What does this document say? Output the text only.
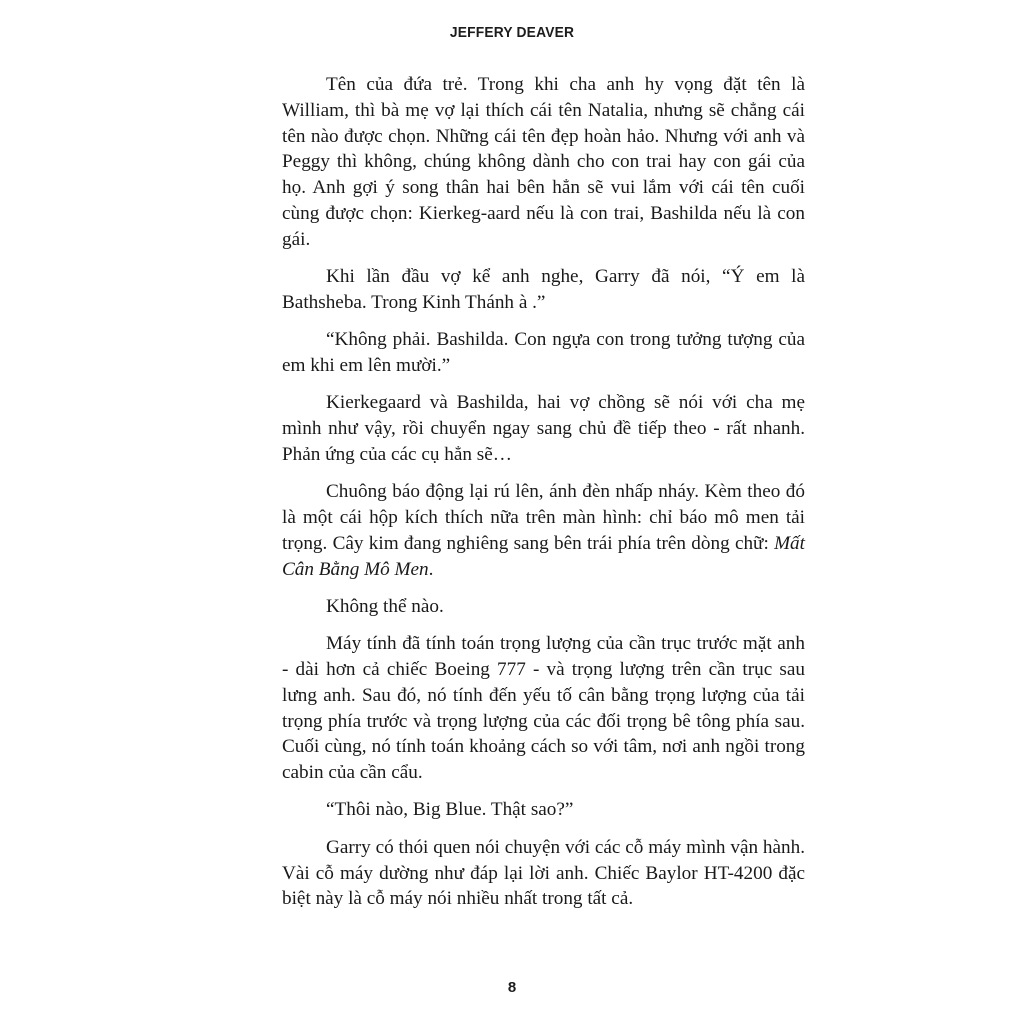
JEFFERY DEAVER

Tên của đứa trẻ. Trong khi cha anh hy vọng đặt tên là William, thì bà mẹ vợ lại thích cái tên Natalia, nhưng sẽ chẳng cái tên nào được chọn. Những cái tên đẹp hoàn hảo. Nhưng với anh và Peggy thì không, chúng không dành cho con trai hay con gái của họ. Anh gợi ý song thân hai bên hẳn sẽ vui lắm với cái tên cuối cùng được chọn: Kierkeg-aard nếu là con trai, Bashilda nếu là con gái.

Khi lần đầu vợ kể anh nghe, Garry đã nói, “Ý em là Bathsheba. Trong Kinh Thánh à .”

“Không phải. Bashilda. Con ngựa con trong tưởng tượng của em khi em lên mười.”

Kierkegaard và Bashilda, hai vợ chồng sẽ nói với cha mẹ mình như vậy, rồi chuyển ngay sang chủ đề tiếp theo - rất nhanh. Phản ứng của các cụ hẳn sẽ…

Chuông báo động lại rú lên, ánh đèn nhấp nháy. Kèm theo đó là một cái hộp kích thích nữa trên màn hình: chỉ báo mô men tải trọng. Cây kim đang nghiêng sang bên trái phía trên dòng chữ: Mất Cân Bằng Mô Men.

Không thể nào.

Máy tính đã tính toán trọng lượng của cần trục trước mặt anh - dài hơn cả chiếc Boeing 777 - và trọng lượng trên cần trục sau lưng anh. Sau đó, nó tính đến yếu tố cân bằng trọng lượng của tải trọng phía trước và trọng lượng của các đối trọng bê tông phía sau. Cuối cùng, nó tính toán khoảng cách so với tâm, nơi anh ngồi trong cabin của cần cẩu.

“Thôi nào, Big Blue. Thật sao?”

Garry có thói quen nói chuyện với các cỗ máy mình vận hành. Vài cỗ máy dường như đáp lại lời anh. Chiếc Baylor HT-4200 đặc biệt này là cỗ máy nói nhiều nhất trong tất cả.

8
